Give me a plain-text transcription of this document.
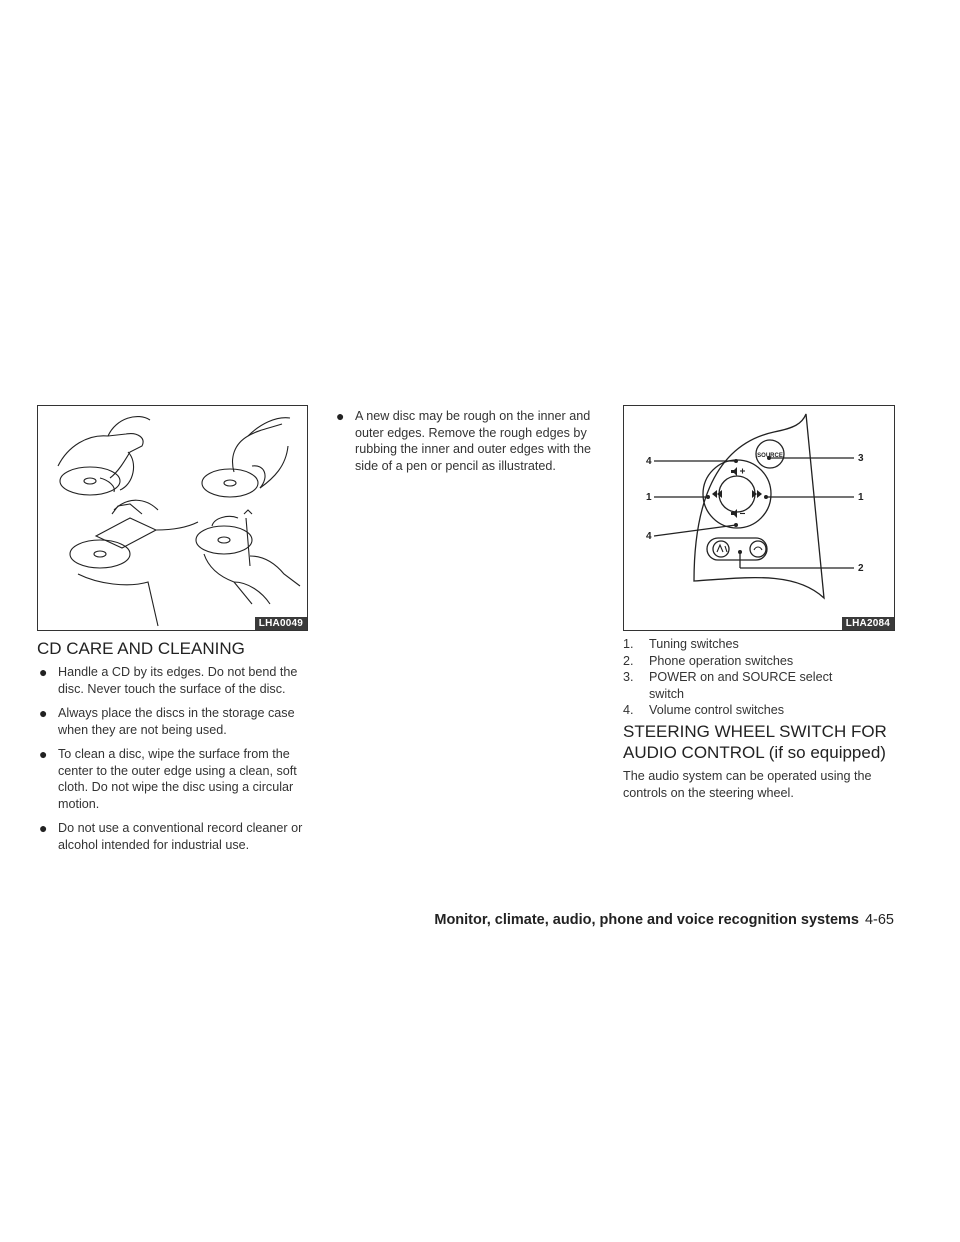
LHA0049
CD CARE AND CLEANING
● Handle a CD by its edges. Do not bend the disc. Never touch the surface of the disc.
● Always place the discs in the storage case when they are not being used.
● To clean a disc, wipe the surface from the center to the outer edge using a clean, soft cloth. Do not wipe the disc using a circular motion.
● Do not use a conventional record cleaner or alcohol intended for industrial use.
● A new disc may be rough on the inner and outer edges. Remove the rough edges by rubbing the inner and outer edges with the side of a pen or pencil as illustrated.
SOURCE
4
1
4
3
1
2
LHA2084
1. Tuning switches
2. Phone operation switches
3. POWER on and SOURCE select switch
4. Volume control switches
STEERING WHEEL SWITCH FOR AUDIO CONTROL (if so equipped)

The audio system can be operated using the controls on the steering wheel.

Monitor, climate, audio, phone and voice recognition systems 4-65
